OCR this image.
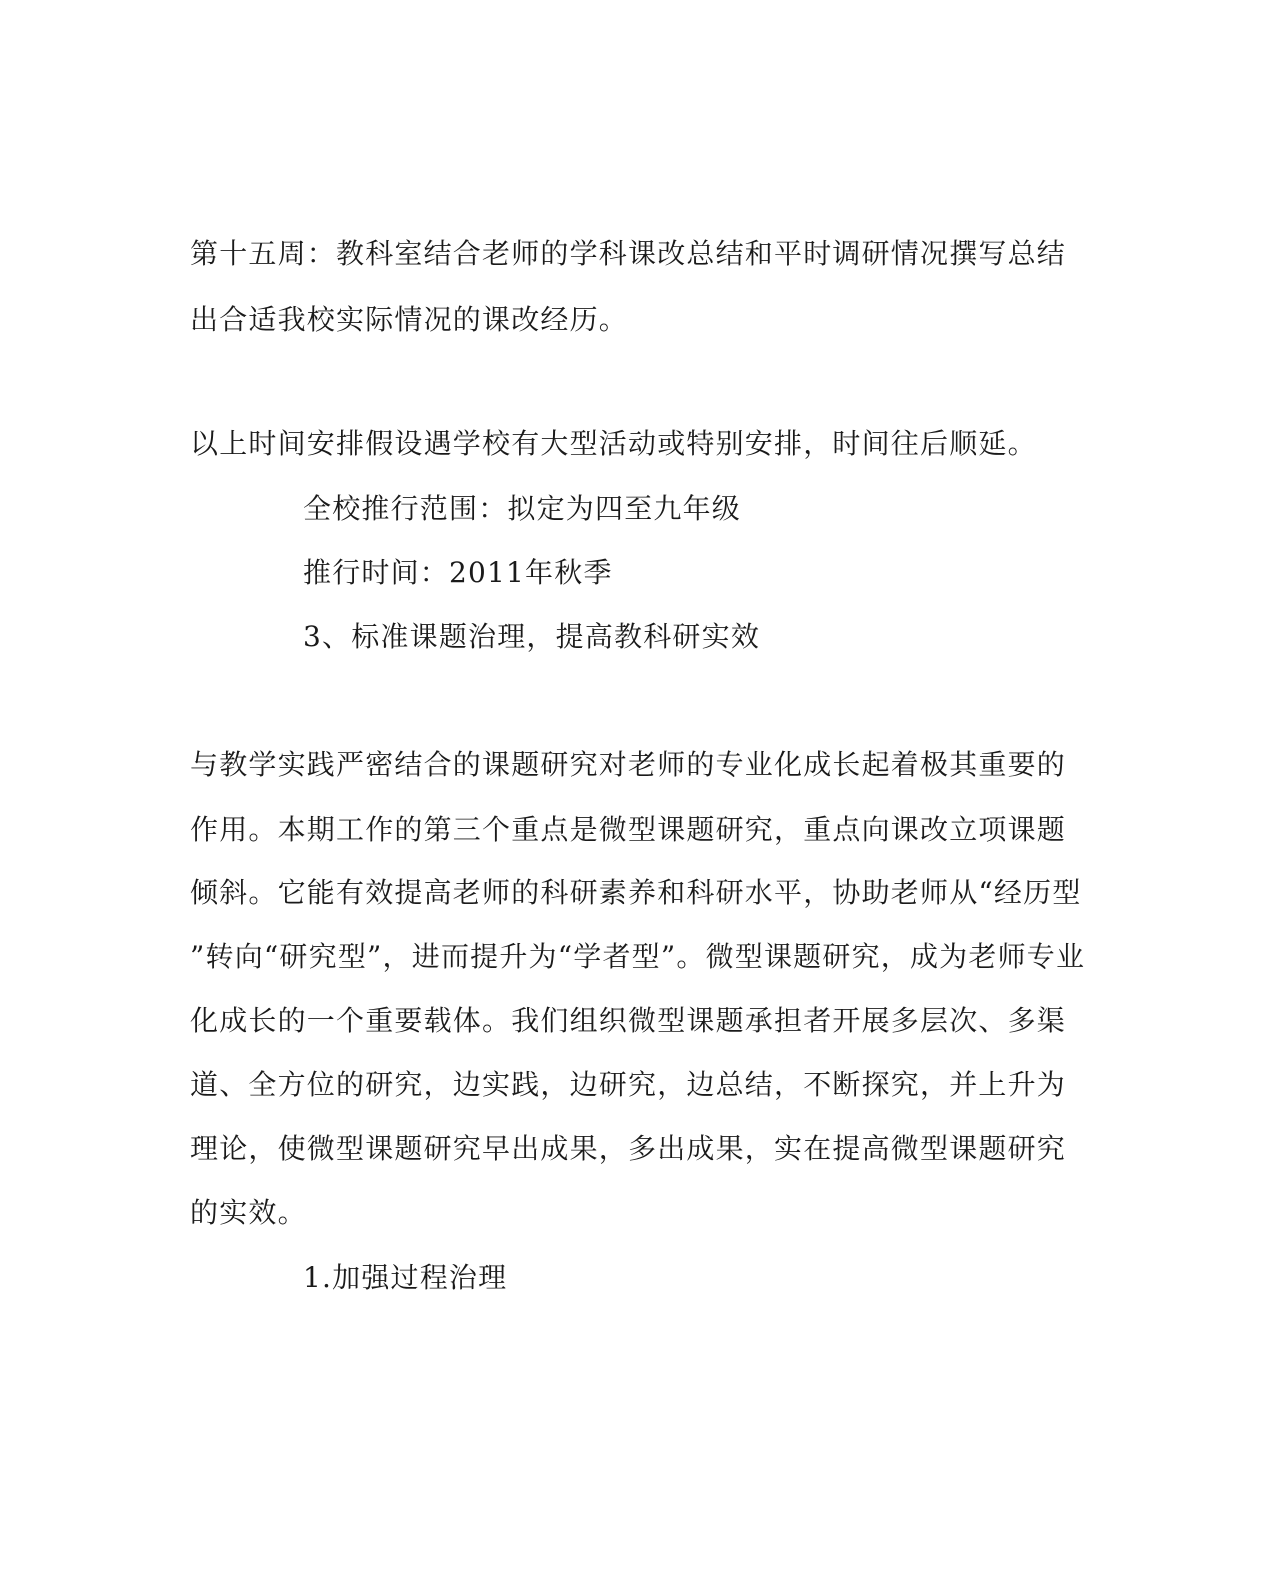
第十五周：教科室结合老师的学科课改总结和平时调研情况撰写总结
出合适我校实际情况的课改经历。
以上时间安排假设遇学校有大型活动或特别安排，时间往后顺延。
全校推行范围：拟定为四至九年级
推行时间：2011年秋季
3、标准课题治理，提高教科研实效
与教学实践严密结合的课题研究对老师的专业化成长起着极其重要的
作用。本期工作的第三个重点是微型课题研究，重点向课改立项课题
倾斜。它能有效提高老师的科研素养和科研水平，协助老师从“经历型
”转向“研究型”，进而提升为“学者型”。微型课题研究，成为老师专业
化成长的一个重要载体。我们组织微型课题承担者开展多层次、多渠
道、全方位的研究，边实践，边研究，边总结，不断探究，并上升为
理论，使微型课题研究早出成果，多出成果，实在提高微型课题研究
的实效。
1.加强过程治理
